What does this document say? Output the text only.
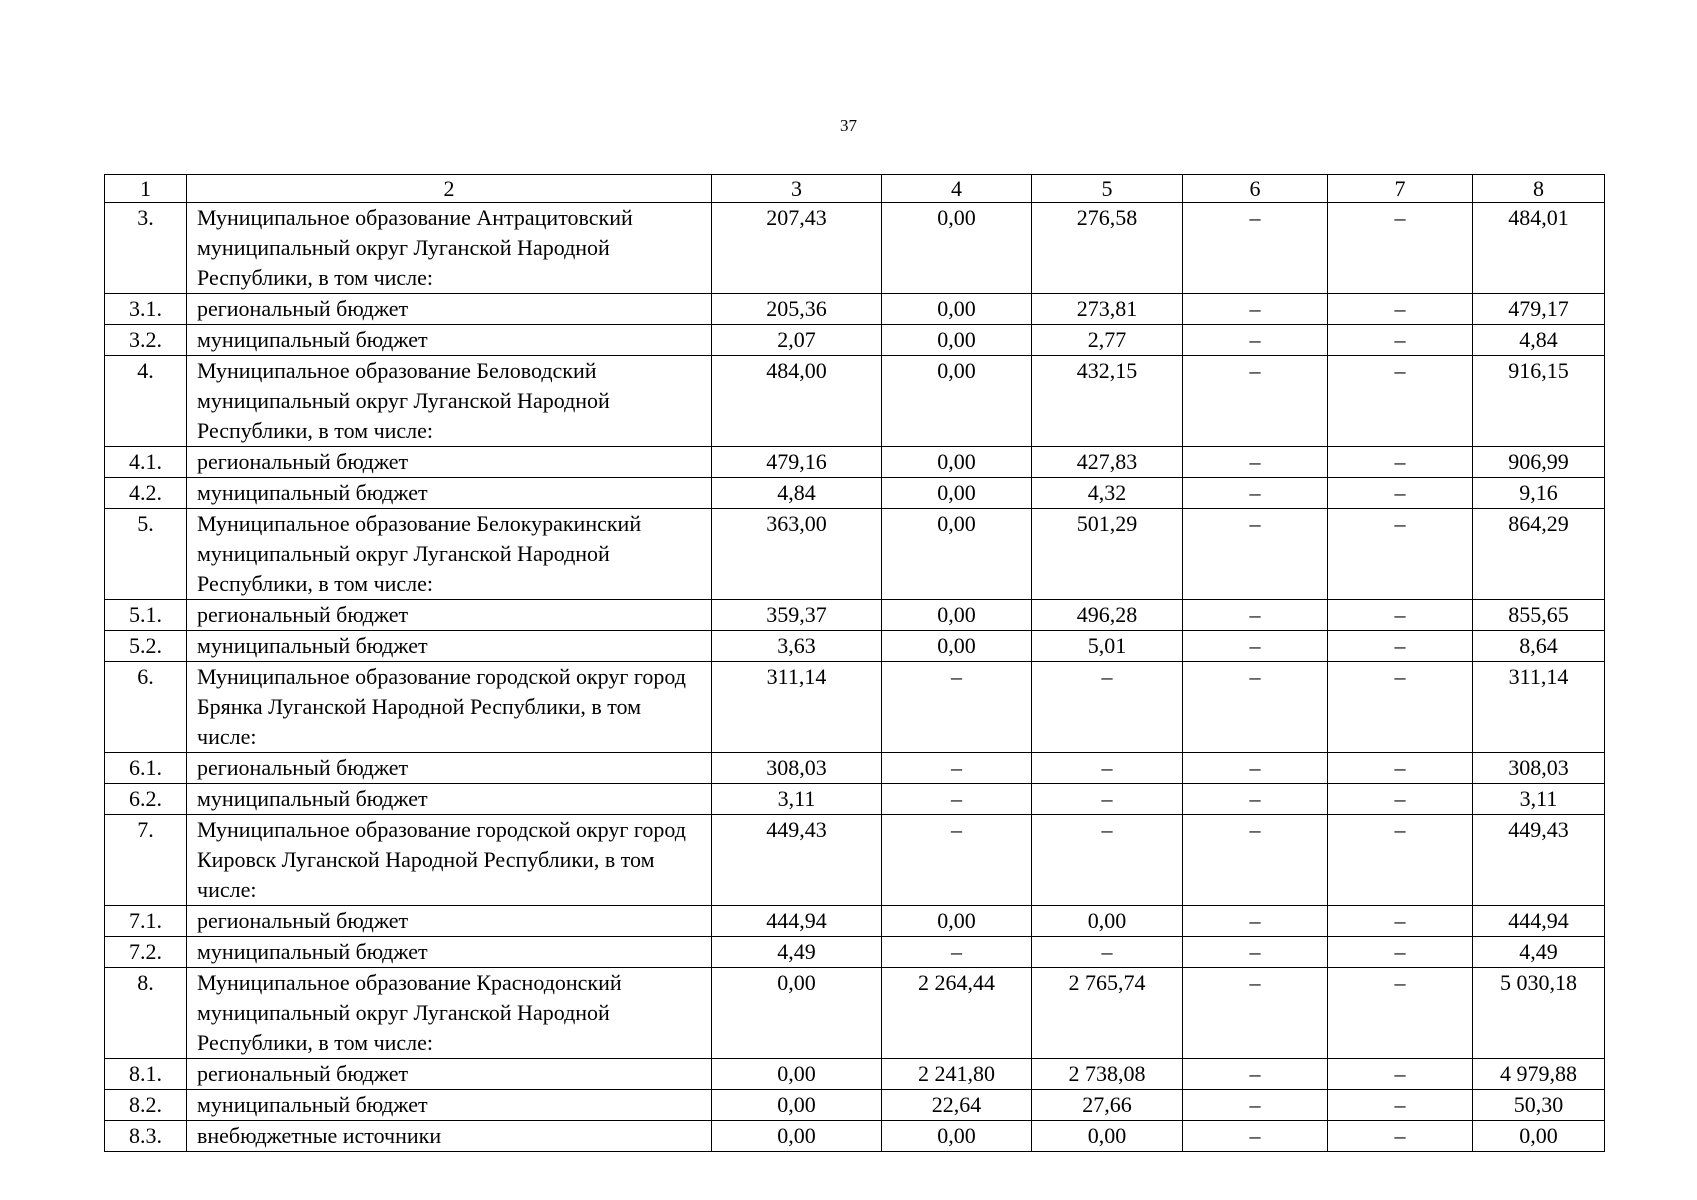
37
1	2	3	4	5	6	7	8
3.	Муниципальное образование Антрацитовский муниципальный округ Луганской Народной Республики, в том числе:	207,43	0,00	276,58	–	–	484,01
3.1.	региональный бюджет	205,36	0,00	273,81	–	–	479,17
3.2.	муниципальный бюджет	2,07	0,00	2,77	–	–	4,84
4.	Муниципальное образование Беловодский муниципальный округ Луганской Народной Республики, в том числе:	484,00	0,00	432,15	–	–	916,15
4.1.	региональный бюджет	479,16	0,00	427,83	–	–	906,99
4.2.	муниципальный бюджет	4,84	0,00	4,32	–	–	9,16
5.	Муниципальное образование Белокуракинский муниципальный округ Луганской Народной Республики, в том числе:	363,00	0,00	501,29	–	–	864,29
5.1.	региональный бюджет	359,37	0,00	496,28	–	–	855,65
5.2.	муниципальный бюджет	3,63	0,00	5,01	–	–	8,64
6.	Муниципальное образование городской округ город Брянка Луганской Народной Республики, в том числе:	311,14	–	–	–	–	311,14
6.1.	региональный бюджет	308,03	–	–	–	–	308,03
6.2.	муниципальный бюджет	3,11	–	–	–	–	3,11
7.	Муниципальное образование городской округ город Кировск Луганской Народной Республики, в том числе:	449,43	–	–	–	–	449,43
7.1.	региональный бюджет	444,94	0,00	0,00	–	–	444,94
7.2.	муниципальный бюджет	4,49	–	–	–	–	4,49
8.	Муниципальное образование Краснодонский муниципальный округ Луганской Народной Республики, в том числе:	0,00	2 264,44	2 765,74	–	–	5 030,18
8.1.	региональный бюджет	0,00	2 241,80	2 738,08	–	–	4 979,88
8.2.	муниципальный бюджет	0,00	22,64	27,66	–	–	50,30
8.3.	внебюджетные источники	0,00	0,00	0,00	–	–	0,00
